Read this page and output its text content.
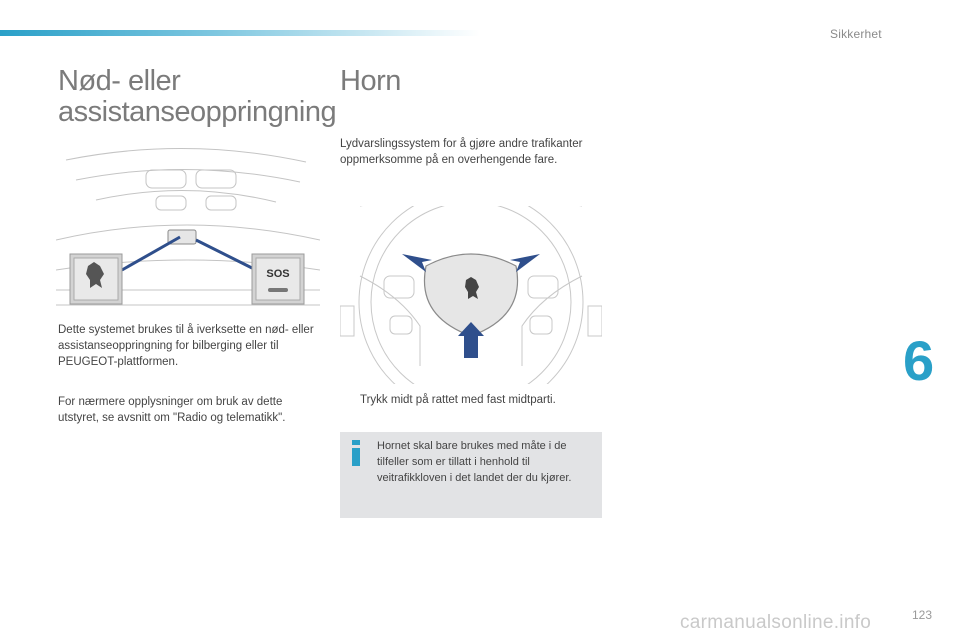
Sikkerhet
Nød- eller assistanseoppringning
Horn
SOS

Dette systemet brukes til å iverksette en nød- eller assistanseoppringning for bilberging eller til PEUGEOT-plattformen.

For nærmere opplysninger om bruk av dette utstyret, se avsnitt om "Radio og telematikk".

Lydvarslingssystem for å gjøre andre trafikanter oppmerksomme på en overhengende fare.

Trykk midt på rattet med fast midtparti.

Hornet skal bare brukes med måte i de tilfeller som er tillatt i henhold til veitrafikkloven i det landet der du kjører.

6
123
carmanualsonline.info
